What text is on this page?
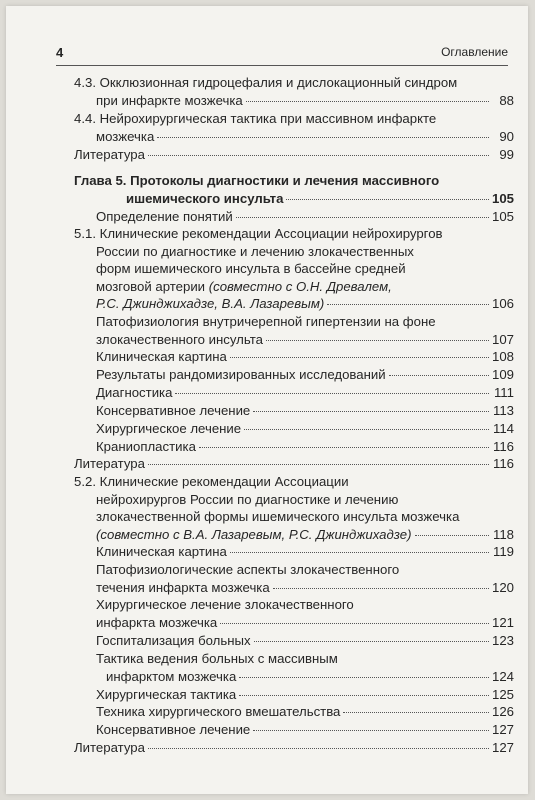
4	Оглавление
4.3. Окклюзионная гидроцефалия и дислокационный синдром
при инфаркте мозжечка	88
4.4. Нейрохирургическая тактика при массивном инфаркте
мозжечка	90
Литература	99
Глава 5. Протоколы диагностики и лечения массивного
ишемического инсульта	105
Определение понятий	105
5.1. Клинические рекомендации Ассоциации нейрохирургов
России по диагностике и лечению злокачественных
форм ишемического инсульта в бассейне средней
мозговой артерии (совместно с О.Н. Древалем,
Р.С. Джинджихадзе, В.А. Лазаревым)	106
Патофизиология внутричерепной гипертензии на фоне
злокачественного инсульта	107
Клиническая картина	108
Результаты рандомизированных исследований	109
Диагностика	111
Консервативное лечение	113
Хирургическое лечение	114
Краниопластика	116
Литература	116
5.2. Клинические рекомендации Ассоциации
нейрохирургов России по диагностике и лечению
злокачественной формы ишемического инсульта мозжечка
(совместно с В.А. Лазаревым, Р.С. Джинджихадзе)	118
Клиническая картина	119
Патофизиологические аспекты злокачественного
течения инфаркта мозжечка	120
Хирургическое лечение злокачественного
инфаркта мозжечка	121
Госпитализация больных	123
Тактика ведения больных с массивным
инфарктом мозжечка	124
Хирургическая тактика	125
Техника хирургического вмешательства	126
Консервативное лечение	127
Литература	127
